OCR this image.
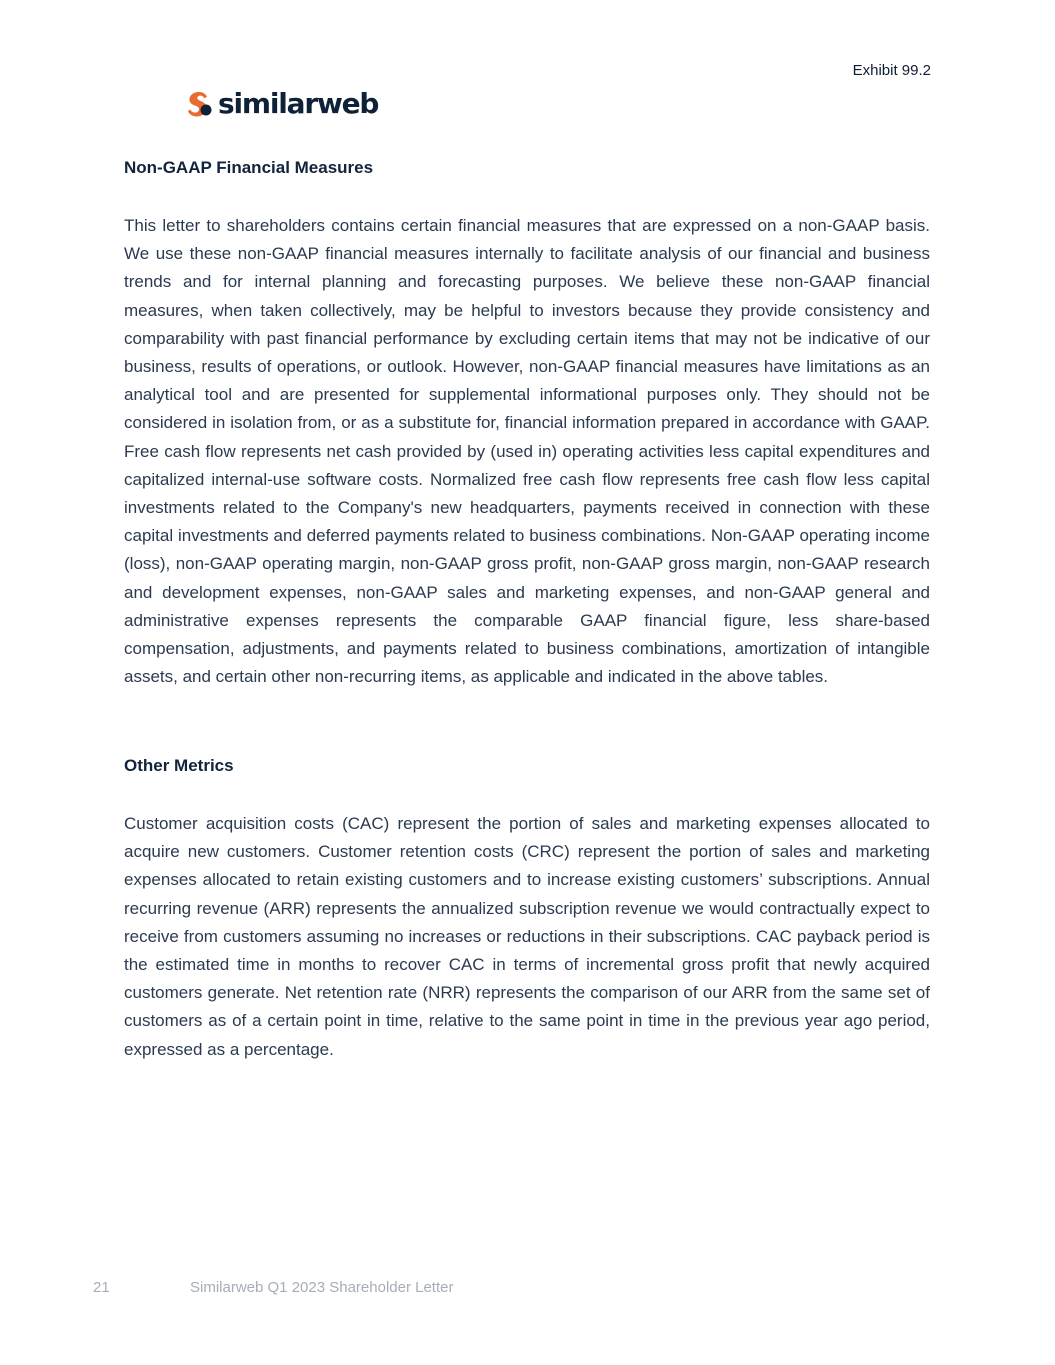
Exhibit 99.2
similarweb
Non-GAAP Financial Measures

This letter to shareholders contains certain financial measures that are expressed on a non-GAAP basis. We use these non-GAAP financial measures internally to facilitate analysis of our financial and business trends and for internal planning and forecasting purposes. We believe these non-GAAP financial measures, when taken collectively, may be helpful to investors because they provide consistency and comparability with past financial performance by excluding certain items that may not be indicative of our business, results of operations, or outlook. However, non-GAAP financial measures have limitations as an analytical tool and are presented for supplemental informational purposes only. They should not be considered in isolation from, or as a substitute for, financial information prepared in accordance with GAAP. Free cash flow represents net cash provided by (used in) operating activities less capital expenditures and capitalized internal-use software costs. Normalized free cash flow represents free cash flow less capital investments related to the Company's new headquarters, payments received in connection with these capital investments and deferred payments related to business combinations. Non-GAAP operating income (loss), non-GAAP operating margin, non-GAAP gross profit, non-GAAP gross margin, non-GAAP research and development expenses, non-GAAP sales and marketing expenses, and non-GAAP general and administrative expenses represents the comparable GAAP financial figure, less share-based compensation, adjustments, and payments related to business combinations, amortization of intangible assets, and certain other non-recurring items, as applicable and indicated in the above tables.

Other Metrics

Customer acquisition costs (CAC) represent the portion of sales and marketing expenses allocated to acquire new customers. Customer retention costs (CRC) represent the portion of sales and marketing expenses allocated to retain existing customers and to increase existing customers’ subscriptions. Annual recurring revenue (ARR) represents the annualized subscription revenue we would contractually expect to receive from customers assuming no increases or reductions in their subscriptions. CAC payback period is the estimated time in months to recover CAC in terms of incremental gross profit that newly acquired customers generate. Net retention rate (NRR) represents the comparison of our ARR from the same set of customers as of a certain point in time, relative to the same point in time in the previous year ago period, expressed as a percentage.

21	Similarweb Q1 2023 Shareholder Letter
